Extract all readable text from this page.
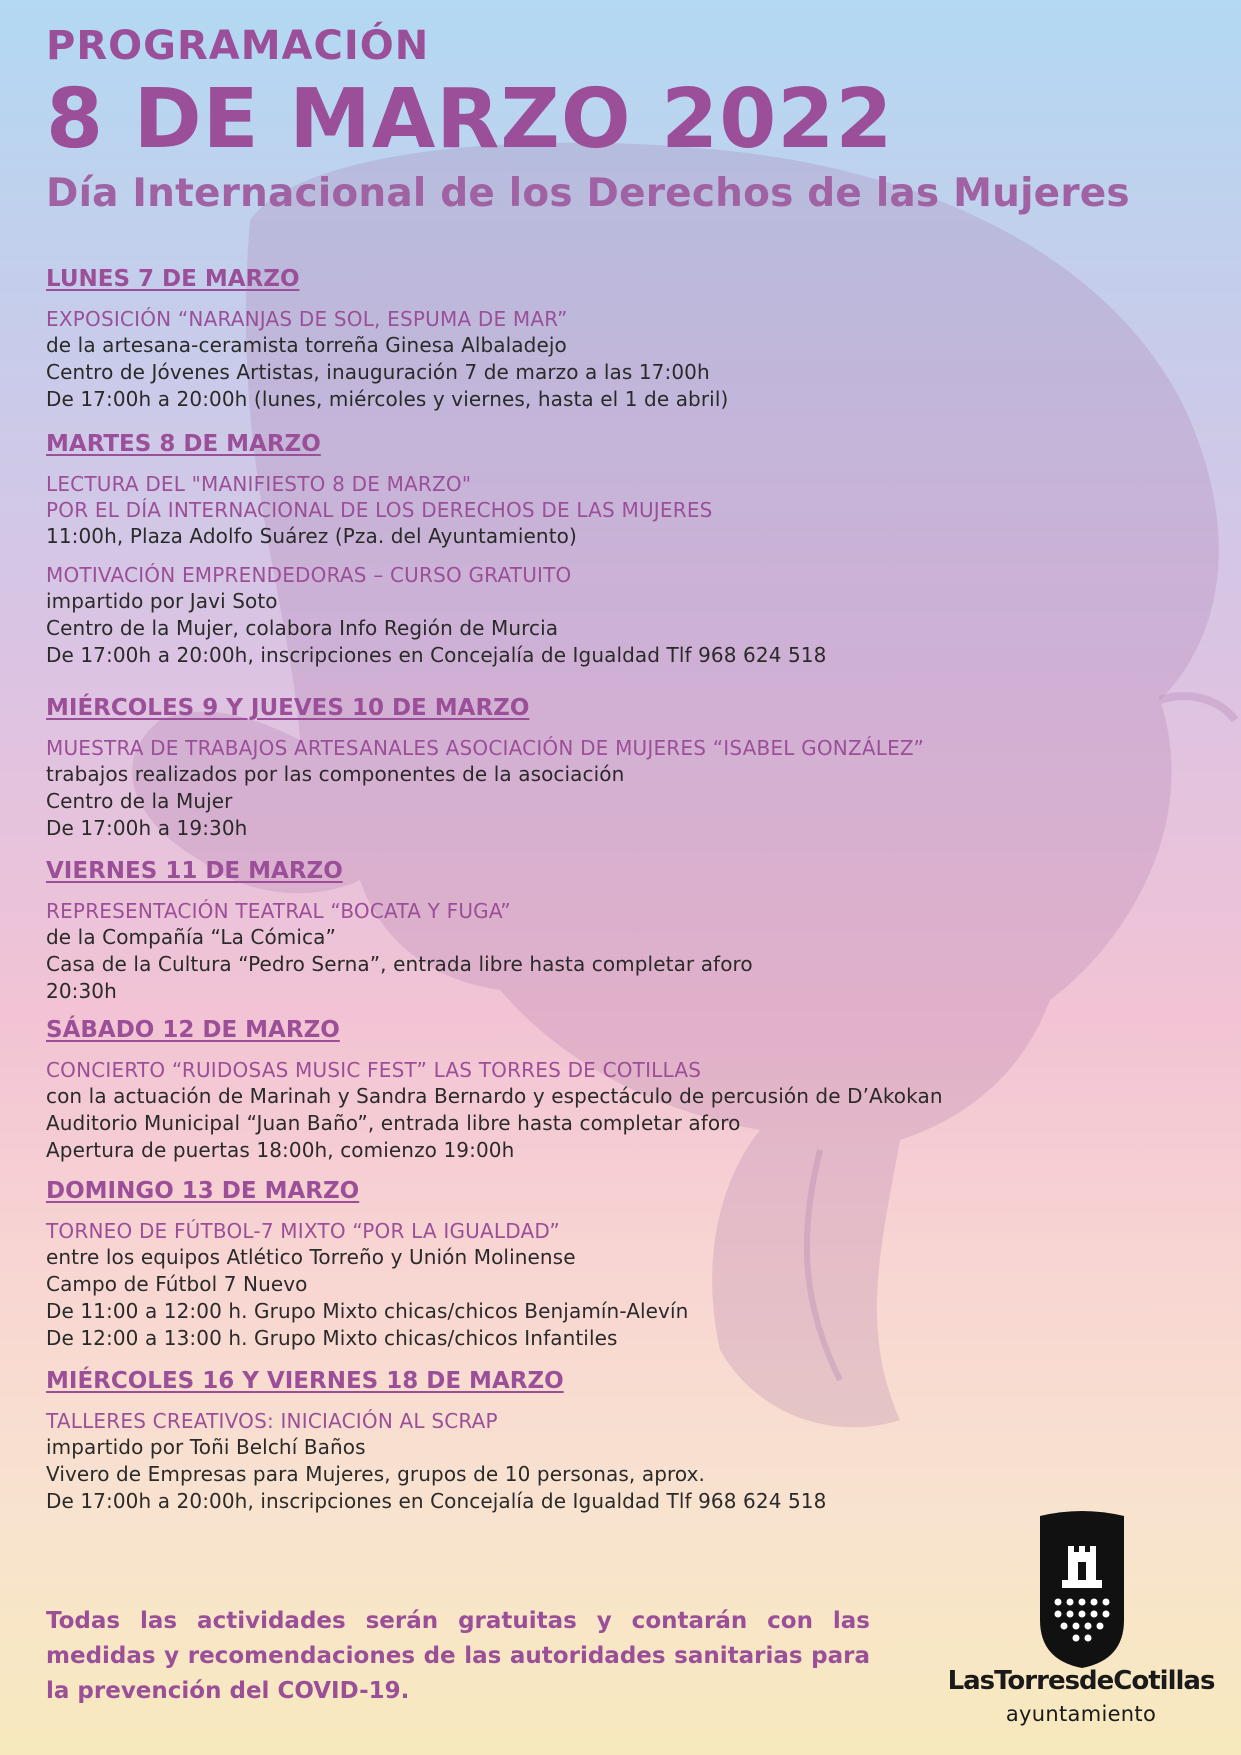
PROGRAMACIÓN

8 DE MARZO 2022

Día Internacional de los Derechos de las Mujeres

LUNES 7 DE MARZO

EXPOSICIÓN “NARANJAS DE SOL, ESPUMA DE MAR”

de la artesana-ceramista torreña Ginesa Albaladejo

Centro de Jóvenes Artistas, inauguración 7 de marzo a las 17:00h

De 17:00h a 20:00h (lunes, miércoles y viernes, hasta el 1 de abril)

MARTES 8 DE MARZO

LECTURA DEL "MANIFIESTO 8 DE MARZO"

POR EL DÍA INTERNACIONAL DE LOS DERECHOS DE LAS MUJERES

11:00h, Plaza Adolfo Suárez (Pza. del Ayuntamiento)

MOTIVACIÓN EMPRENDEDORAS – CURSO GRATUITO

impartido por Javi Soto

Centro de la Mujer, colabora Info Región de Murcia

De 17:00h a 20:00h, inscripciones en Concejalía de Igualdad Tlf 968 624 518

MIÉRCOLES 9 Y JUEVES 10 DE MARZO

MUESTRA DE TRABAJOS ARTESANALES ASOCIACIÓN DE MUJERES “ISABEL GONZÁLEZ”

trabajos realizados por las componentes de la asociación

Centro de la Mujer

De 17:00h a 19:30h

VIERNES 11 DE MARZO

REPRESENTACIÓN TEATRAL “BOCATA Y FUGA”

de la Compañía “La Cómica”

Casa de la Cultura “Pedro Serna”, entrada libre hasta completar aforo

20:30h

SÁBADO 12 DE MARZO

CONCIERTO “RUIDOSAS MUSIC FEST” LAS TORRES DE COTILLAS

con la actuación de Marinah y Sandra Bernardo y espectáculo de percusión de D’Akokan

Auditorio Municipal “Juan Baño”, entrada libre hasta completar aforo

Apertura de puertas 18:00h, comienzo 19:00h

DOMINGO 13 DE MARZO

TORNEO DE FÚTBOL-7 MIXTO “POR LA IGUALDAD”

entre los equipos Atlético Torreño y Unión Molinense

Campo de Fútbol 7 Nuevo

De 11:00 a 12:00 h. Grupo Mixto chicas/chicos Benjamín-Alevín

De 12:00 a 13:00 h. Grupo Mixto chicas/chicos Infantiles

MIÉRCOLES 16 Y VIERNES 18 DE MARZO

TALLERES CREATIVOS: INICIACIÓN AL SCRAP

impartido por Toñi Belchí Baños

Vivero de Empresas para Mujeres, grupos de 10 personas, aprox.

De 17:00h a 20:00h, inscripciones en Concejalía de Igualdad Tlf 968 624 518

Todas las actividades serán gratuitas y contarán con las medidas y recomendaciones de las autoridades sanitarias para la prevención del COVID-19.	LasTorresdeCotillas

ayuntamiento
